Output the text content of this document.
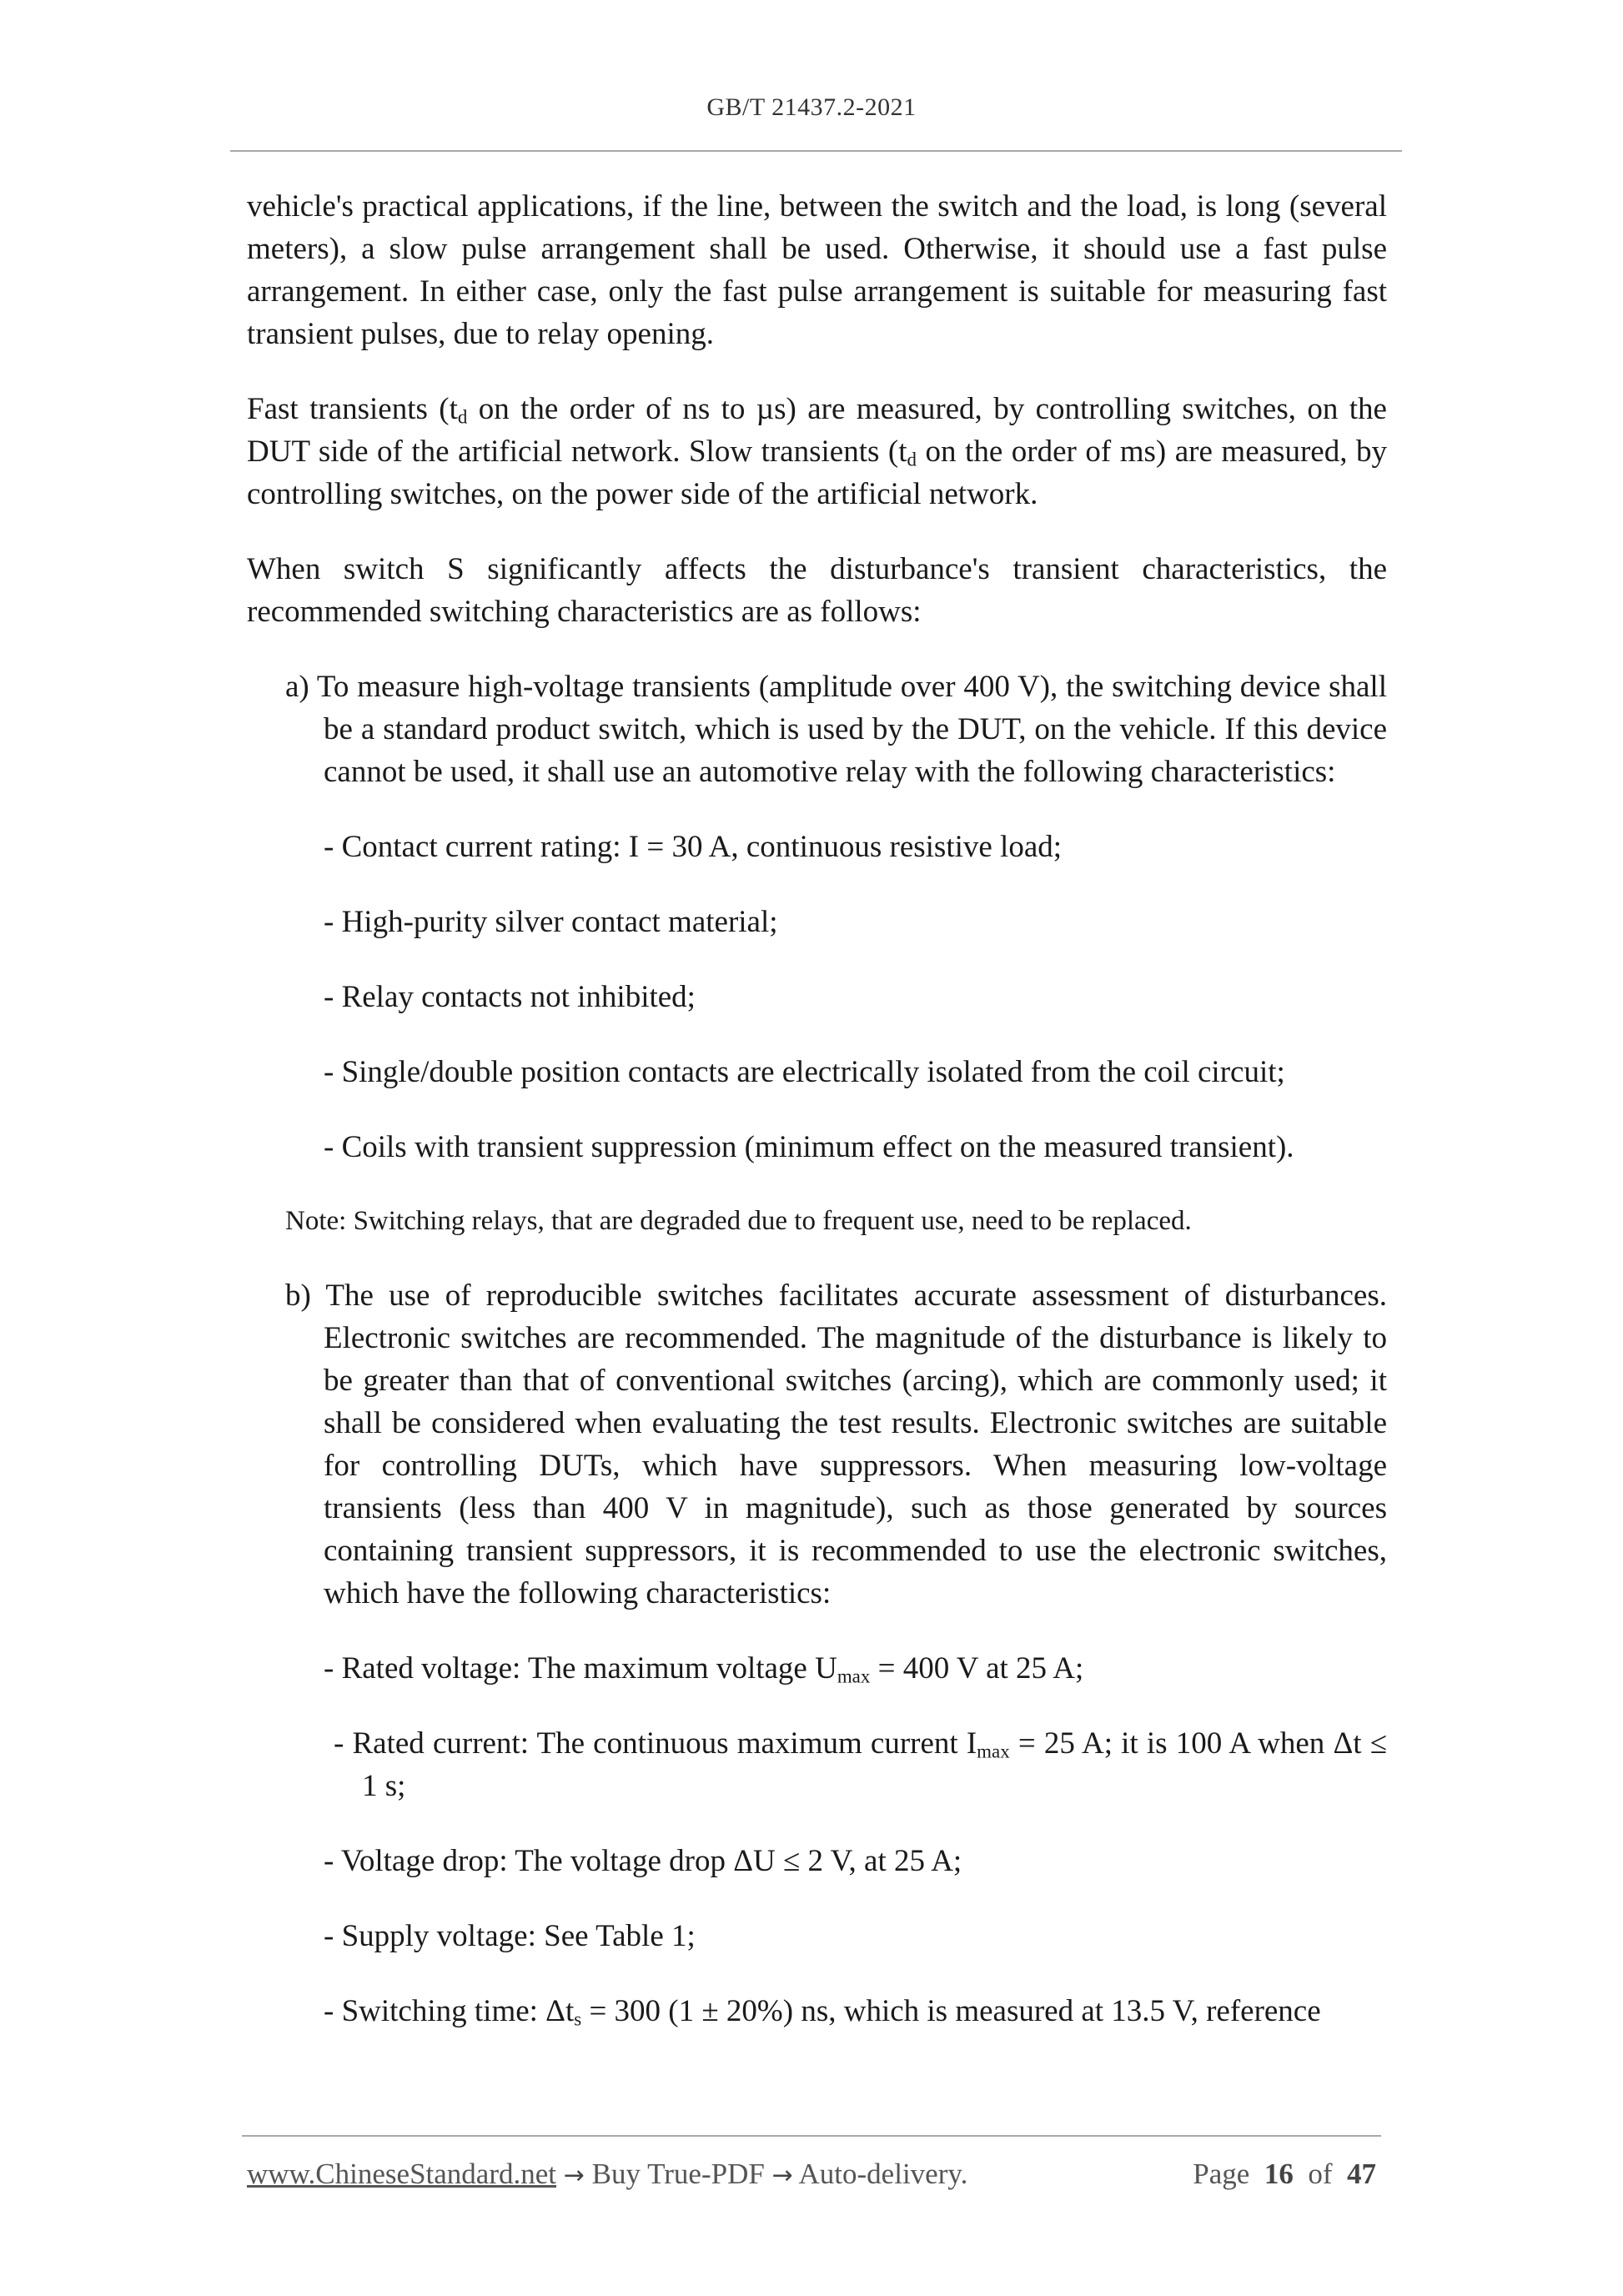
GB/T 21437.2-2021

vehicle's practical applications, if the line, between the switch and the load, is long (several meters), a slow pulse arrangement shall be used. Otherwise, it should use a fast pulse arrangement. In either case, only the fast pulse arrangement is suitable for measuring fast transient pulses, due to relay opening.

Fast transients ($t_d$ on the order of ns to µs) are measured, by controlling switches, on the DUT side of the artificial network. Slow transients ($t_d$ on the order of ms) are measured, by controlling switches, on the power side of the artificial network.

When switch S significantly affects the disturbance's transient characteristics, the recommended switching characteristics are as follows:

a) To measure high-voltage transients (amplitude over 400 V), the switching device shall be a standard product switch, which is used by the DUT, on the vehicle. If this device cannot be used, it shall use an automotive relay with the following characteristics:

- Contact current rating: I = 30 A, continuous resistive load;

- High-purity silver contact material;

- Relay contacts not inhibited;

- Single/double position contacts are electrically isolated from the coil circuit;

- Coils with transient suppression (minimum effect on the measured transient).

Note: Switching relays, that are degraded due to frequent use, need to be replaced.

b) The use of reproducible switches facilitates accurate assessment of disturbances. Electronic switches are recommended. The magnitude of the disturbance is likely to be greater than that of conventional switches (arcing), which are commonly used; it shall be considered when evaluating the test results. Electronic switches are suitable for controlling DUTs, which have suppressors. When measuring low-voltage transients (less than 400 V in magnitude), such as those generated by sources containing transient suppressors, it is recommended to use the electronic switches, which have the following characteristics:

- Rated voltage: The maximum voltage $U_{max} = 400$ V at 25 A;

- Rated current: The continuous maximum current $I_{max} = 25$ A; it is 100 A when Δt ≤ 1 s;

- Voltage drop: The voltage drop ΔU ≤ 2 V, at 25 A;

- Supply voltage: See Table 1;

- Switching time: $\Delta t_s = 300$ (1 ± 20%) ns, which is measured at 13.5 V, reference

www.ChineseStandard.net → Buy True-PDF → Auto-delivery.	Page 16 of 47
